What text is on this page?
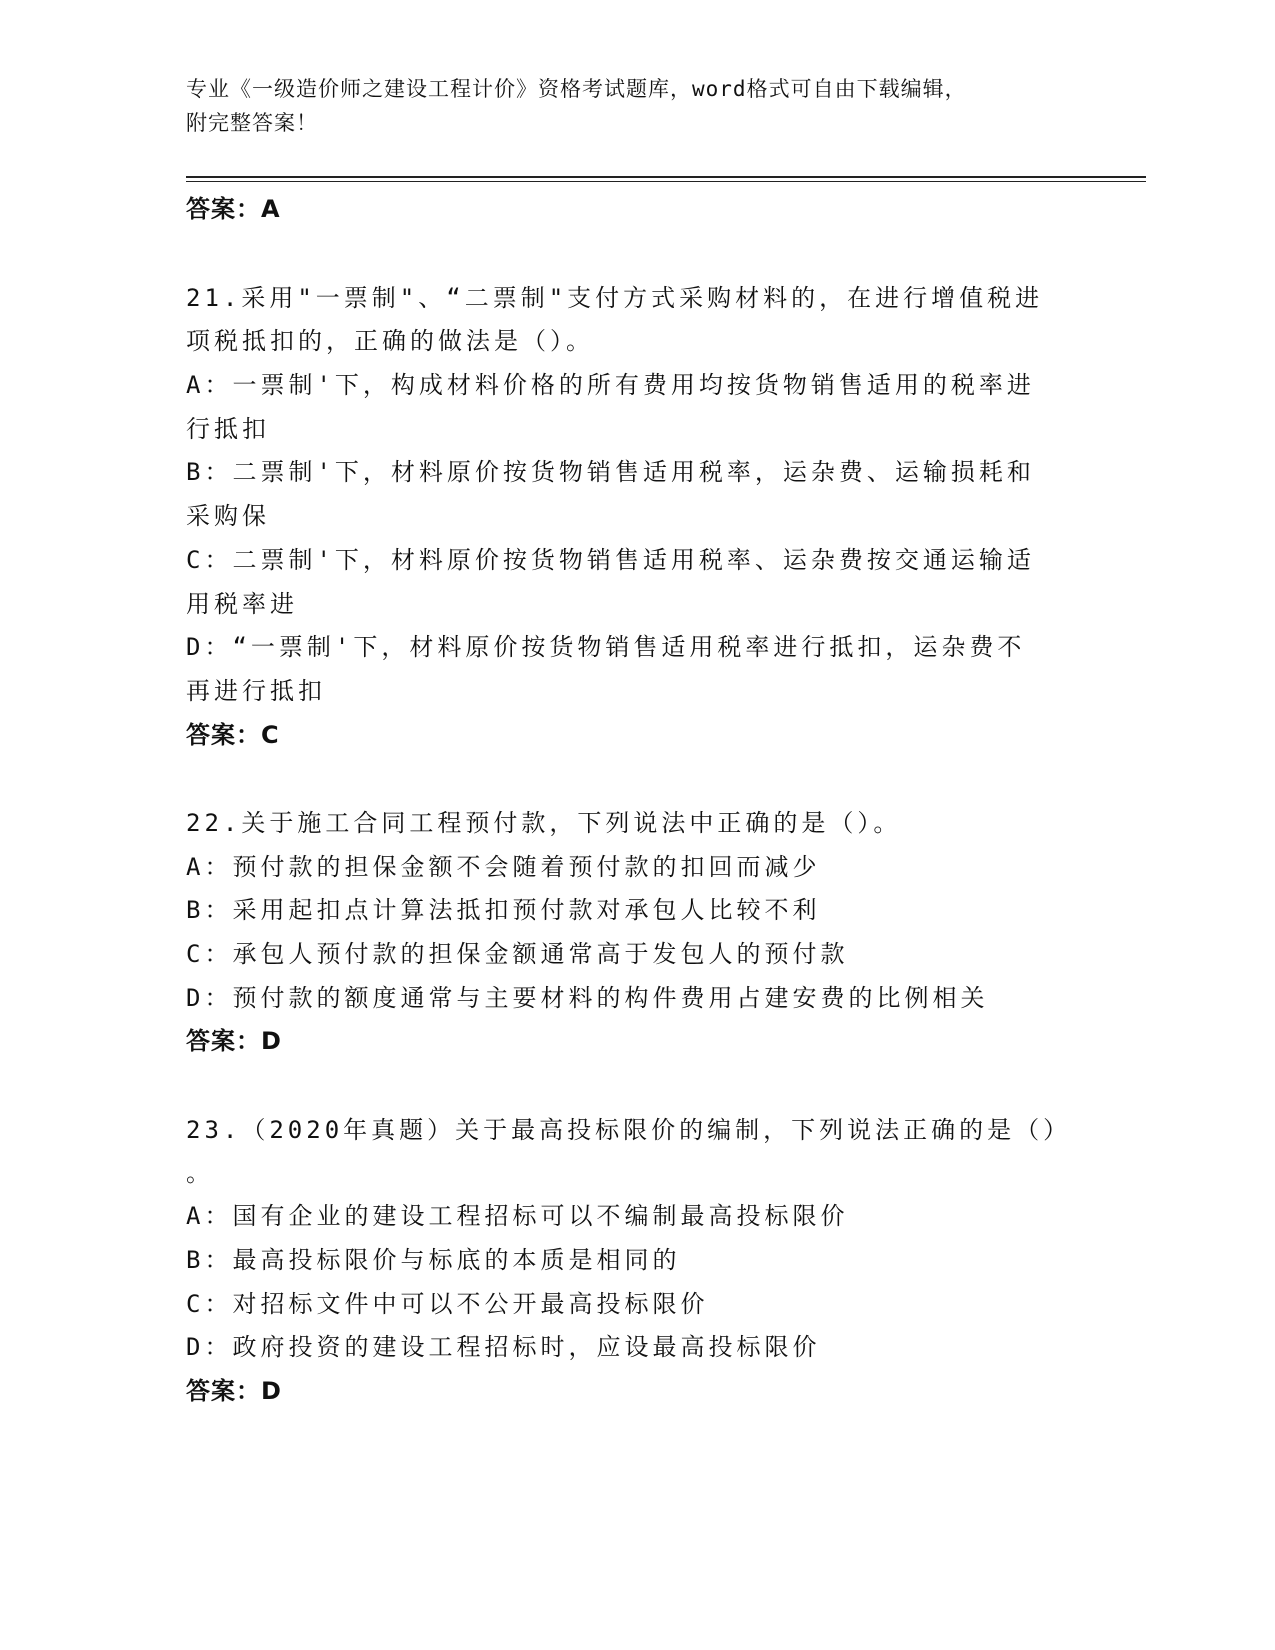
专业《一级造价师之建设工程计价》资格考试题库，word格式可自由下载编辑，
附完整答案！
答案：A
21.采用"一票制"、“二票制"支付方式采购材料的，在进行增值税进
项税抵扣的，正确的做法是（）。
A：一票制'下，构成材料价格的所有费用均按货物销售适用的税率进
行抵扣
B：二票制'下，材料原价按货物销售适用税率，运杂费、运输损耗和
采购保
C：二票制'下，材料原价按货物销售适用税率、运杂费按交通运输适
用税率进
D：“一票制'下，材料原价按货物销售适用税率进行抵扣，运杂费不
再进行抵扣
答案：C
22.关于施工合同工程预付款，下列说法中正确的是（）。
A：预付款的担保金额不会随着预付款的扣回而减少
B：采用起扣点计算法抵扣预付款对承包人比较不利
C：承包人预付款的担保金额通常高于发包人的预付款
D：预付款的额度通常与主要材料的构件费用占建安费的比例相关
答案：D
23.（2020年真题）关于最高投标限价的编制，下列说法正确的是（）
。
A：国有企业的建设工程招标可以不编制最高投标限价
B：最高投标限价与标底的本质是相同的
C：对招标文件中可以不公开最高投标限价
D：政府投资的建设工程招标时，应设最高投标限价
答案：D
